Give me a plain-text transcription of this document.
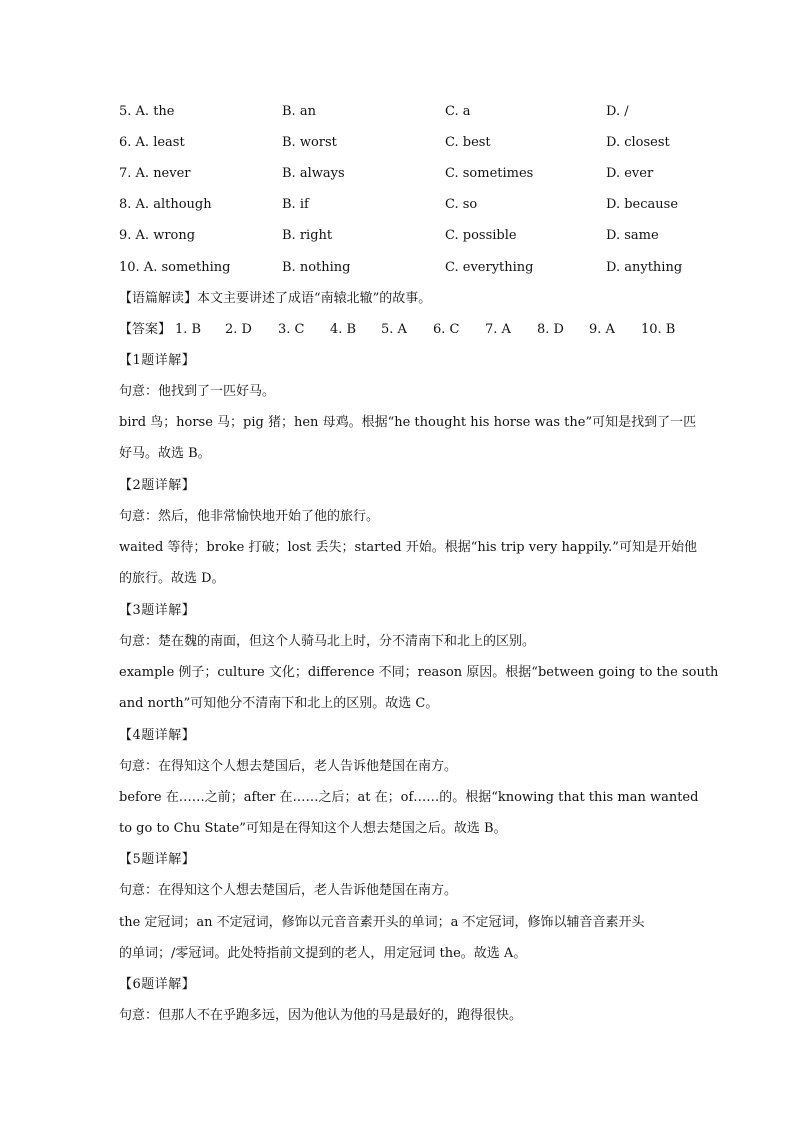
5. A. the	B. an	C. a	D. /
6. A. least	B. worst	C. best	D. closest
7. A. never	B. always	C. sometimes	D. ever
8. A. although	B. if	C. so	D. because
9. A. wrong	B. right	C. possible	D. same
10. A. something	B. nothing	C. everything	D. anything
【语篇解读】本文主要讲述了成语“南辕北辙”的故事。
【答案】 1. B 2. D 3. C 4. B 5. A 6. C 7. A 8. D 9. A 10. B
【1题详解】
句意：他找到了一匹好马。
bird 鸟；horse 马；pig 猪；hen 母鸡。根据“he thought his horse was the”可知是找到了一匹
好马。故选 B。
【2题详解】
句意：然后，他非常愉快地开始了他的旅行。
waited 等待；broke 打破；lost 丢失；started 开始。根据“his trip very happily.”可知是开始他
的旅行。故选 D。
【3题详解】
句意：楚在魏的南面，但这个人骑马北上时，分不清南下和北上的区别。
example 例子；culture 文化；difference 不同；reason 原因。根据“between going to the south
and north”可知他分不清南下和北上的区别。故选 C。
【4题详解】
句意：在得知这个人想去楚国后，老人告诉他楚国在南方。
before 在……之前；after 在……之后；at 在；of……的。根据“knowing that this man wanted
to go to Chu State”可知是在得知这个人想去楚国之后。故选 B。
【5题详解】
句意：在得知这个人想去楚国后，老人告诉他楚国在南方。
the 定冠词；an 不定冠词，修饰以元音音素开头的单词；a 不定冠词，修饰以辅音音素开头
的单词；/零冠词。此处特指前文提到的老人，用定冠词 the。故选 A。
【6题详解】
句意：但那人不在乎跑多远，因为他认为他的马是最好的，跑得很快。
